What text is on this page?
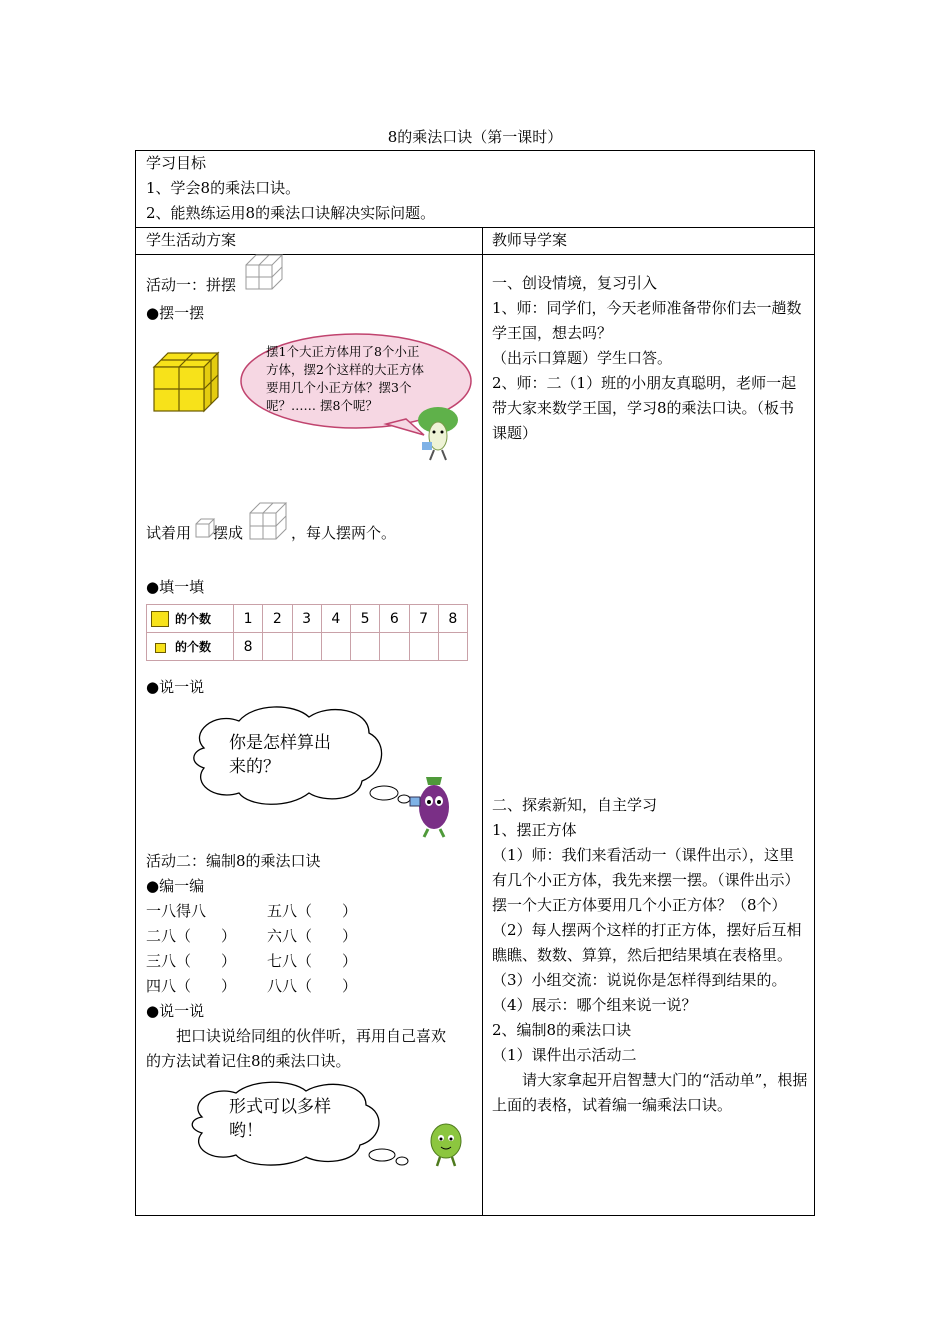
8的乘法口诀（第一课时）
学习目标
1、学会8的乘法口诀。
2、能熟练运用8的乘法口诀解决实际问题。
学生活动方案	教师导学案
活动一：拼摆
●摆一摆
摆1个大正方体用了8个小正
方体，摆2个这样的大正方体
要用几个小正方体？摆3个
呢？…… 摆8个呢？
试着用 摆成	，每人摆两个。
●填一填
的个数	1	2	3	4	5	6	7	8
的个数	8							
●说一说
你是怎样算出
来的？
活动二：编制8的乘法口诀
●编一编
一八得八	五八（　　）
二八（　　） 六八（　　）
三八（　　） 七八（　　）
四八（　　） 八八（　　）
●说一说
把口诀说给同组的伙伴听，再用自己喜欢
的方法试着记住8的乘法口诀。
形式可以多样
哟！
一、创设情境，复习引入
1、师：同学们，今天老师准备带你们去一趟数学王国，想去吗？
（出示口算题）学生口答。
2、师：二（1）班的小朋友真聪明，老师一起带大家来数学王国，学习8的乘法口诀。（板书课题）
二、探索新知，自主学习
1、摆正方体
（1）师：我们来看活动一（课件出示），这里有几个小正方体，我先来摆一摆。（课件出示）
摆一个大正方体要用几个小正方体？（8个）
（2）每人摆两个这样的打正方体，摆好后互相瞧瞧、数数、算算，然后把结果填在表格里。
（3）小组交流：说说你是怎样得到结果的。
（4）展示：哪个组来说一说？
2、编制8的乘法口诀
（1）课件出示活动二
　　请大家拿起开启智慧大门的“活动单”，根据上面的表格，试着编一编乘法口诀。
